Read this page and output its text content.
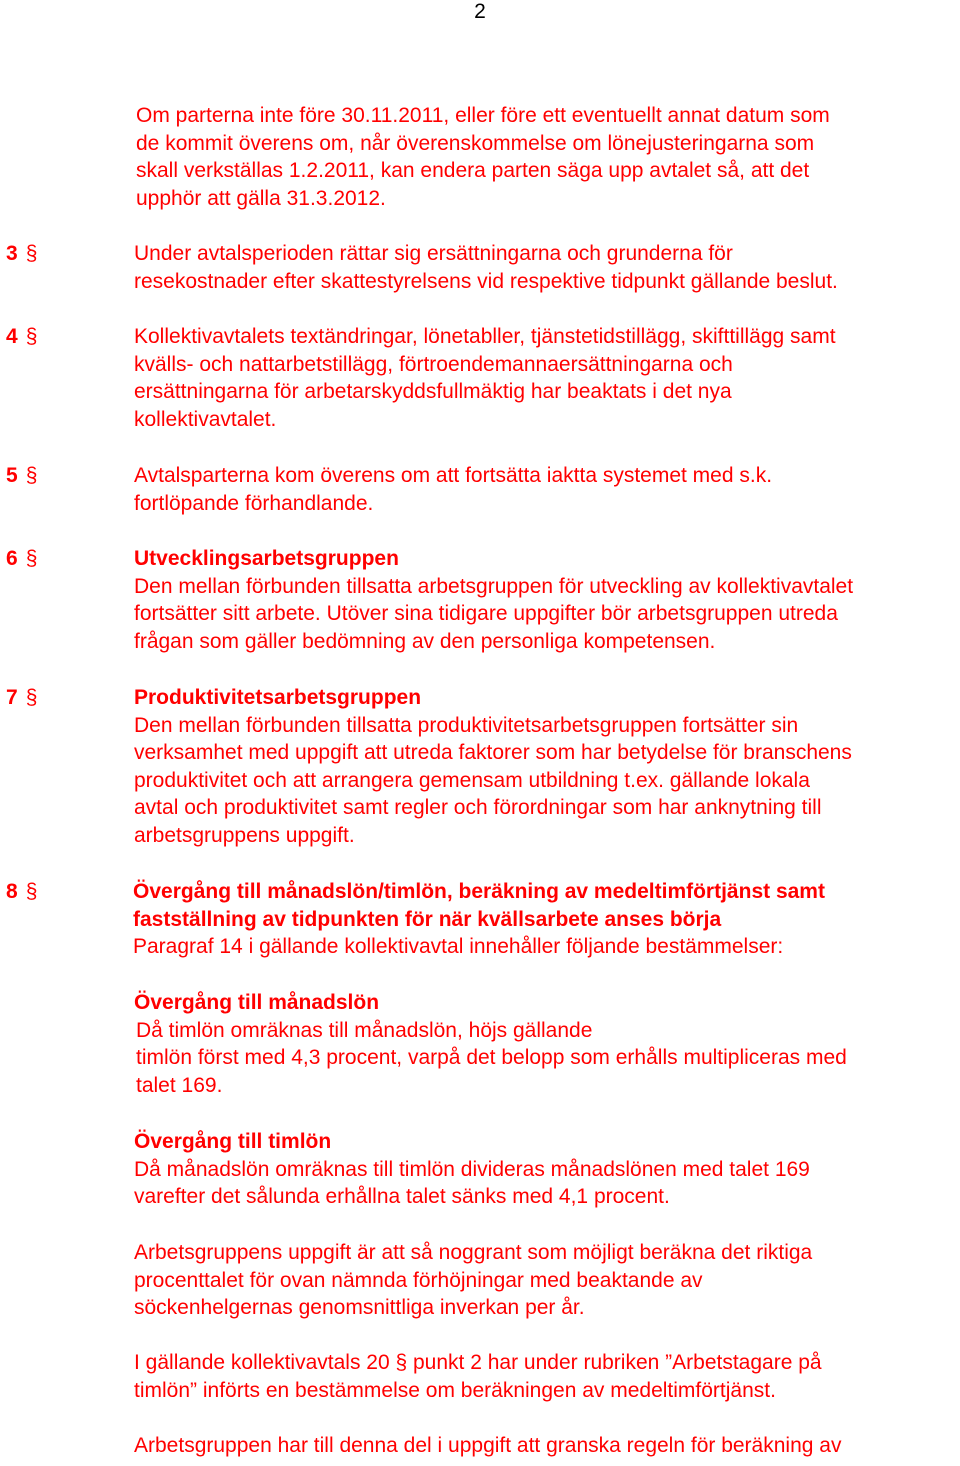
2
Om parterna inte före 30.11.2011, eller före ett eventuellt annat datum som
de kommit överens om, når överenskommelse om lönejusteringarna som
skall verkställas 1.2.2011, kan endera parten säga upp avtalet så, att det
upphör att gälla 31.3.2012.
3 §	Under avtalsperioden rättar sig ersättningarna och grunderna för
resekostnader efter skattestyrelsens vid respektive tidpunkt gällande beslut.
4 §	Kollektivavtalets textändringar, lönetabller, tjänstetidstillägg, skifttillägg samt
kvälls- och nattarbetstillägg, förtroendemannaersättningarna och
ersättningarna för arbetarskyddsfullmäktig har beaktats i det nya
kollektivavtalet.
5 §	Avtalsparterna kom överens om att fortsätta iaktta systemet med s.k.
fortlöpande förhandlande.
6 §	Utvecklingsarbetsgruppen
Den mellan förbunden tillsatta arbetsgruppen för utveckling av kollektivavtalet
fortsätter sitt arbete. Utöver sina tidigare uppgifter bör arbetsgruppen utreda
frågan som gäller bedömning av den personliga kompetensen.
7 §	Produktivitetsarbetsgruppen
Den mellan förbunden tillsatta produktivitetsarbetsgruppen fortsätter sin
verksamhet med uppgift att utreda faktorer som har betydelse för branschens
produktivitet och att arrangera gemensam utbildning t.ex. gällande lokala
avtal och produktivitet samt regler och förordningar som har anknytning till
arbetsgruppens uppgift.
8 §	Övergång till månadslön/timlön, beräkning av medeltimförtjänst samt
fastställning av tidpunkten för när kvällsarbete anses börja
Paragraf 14 i gällande kollektivavtal innehåller följande bestämmelser:
Övergång till månadslön
Då timlön omräknas till månadslön, höjs gällande
timlön först med 4,3 procent, varpå det belopp som erhålls multipliceras med
talet 169.
Övergång till timlön
Då månadslön omräknas till timlön divideras månadslönen med talet 169
varefter det sålunda erhållna talet sänks med 4,1 procent.
Arbetsgruppens uppgift är att så noggrant som möjligt beräkna det riktiga
procenttalet för ovan nämnda förhöjningar med beaktande av
söckenhelgernas genomsnittliga inverkan per år.
I gällande kollektivavtals 20 § punkt 2 har under rubriken ”Arbetstagare på
timlön” införts en bestämmelse om beräkningen av medeltimförtjänst.
Arbetsgruppen har till denna del i uppgift att granska regeln för beräkning av
